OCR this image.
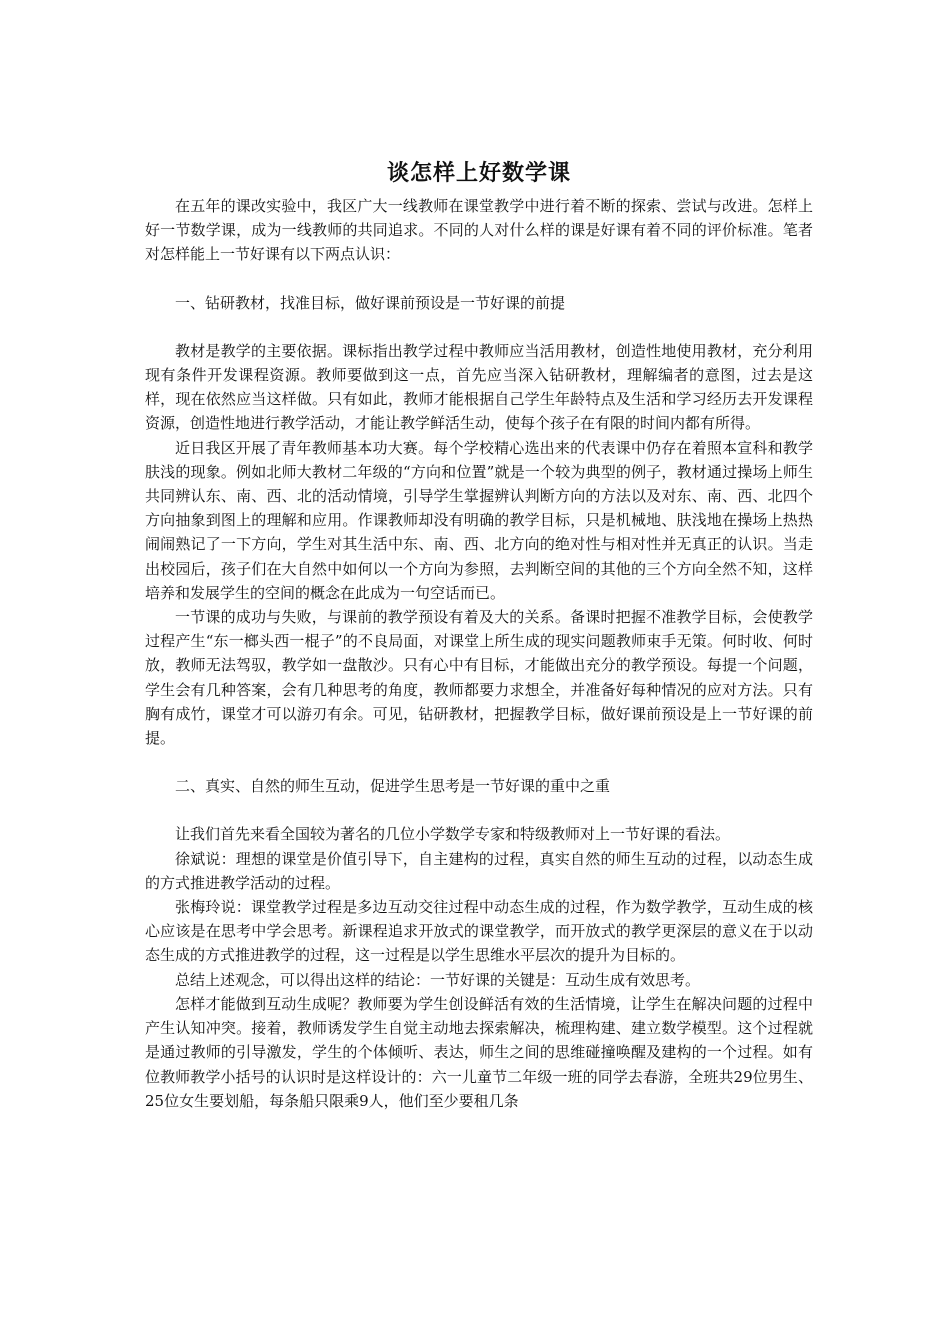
谈怎样上好数学课

在五年的课改实验中，我区广大一线教师在课堂教学中进行着不断的探索、尝试与改进。怎样上好一节数学课，成为一线教师的共同追求。不同的人对什么样的课是好课有着不同的评价标准。笔者对怎样能上一节好课有以下两点认识：

一、钻研教材，找准目标，做好课前预设是一节好课的前提

教材是教学的主要依据。课标指出教学过程中教师应当活用教材，创造性地使用教材，充分利用现有条件开发课程资源。教师要做到这一点，首先应当深入钻研教材，理解编者的意图，过去是这样，现在依然应当这样做。只有如此，教师才能根据自己学生年龄特点及生活和学习经历去开发课程资源，创造性地进行教学活动，才能让教学鲜活生动，使每个孩子在有限的时间内都有所得。

近日我区开展了青年教师基本功大赛。每个学校精心选出来的代表课中仍存在着照本宣科和教学肤浅的现象。例如北师大教材二年级的“方向和位置”就是一个较为典型的例子，教材通过操场上师生共同辨认东、南、西、北的活动情境，引导学生掌握辨认判断方向的方法以及对东、南、西、北四个方向抽象到图上的理解和应用。作课教师却没有明确的教学目标，只是机械地、肤浅地在操场上热热闹闹熟记了一下方向，学生对其生活中东、南、西、北方向的绝对性与相对性并无真正的认识。当走出校园后，孩子们在大自然中如何以一个方向为参照，去判断空间的其他的三个方向全然不知，这样培养和发展学生的空间的概念在此成为一句空话而已。

一节课的成功与失败，与课前的教学预设有着及大的关系。备课时把握不准教学目标，会使教学过程产生“东一榔头西一棍子”的不良局面，对课堂上所生成的现实问题教师束手无策。何时收、何时放，教师无法驾驭，教学如一盘散沙。只有心中有目标，才能做出充分的教学预设。每提一个问题，学生会有几种答案，会有几种思考的角度，教师都要力求想全，并准备好每种情况的应对方法。只有胸有成竹，课堂才可以游刃有余。可见，钻研教材，把握教学目标，做好课前预设是上一节好课的前提。

二、真实、自然的师生互动，促进学生思考是一节好课的重中之重

让我们首先来看全国较为著名的几位小学数学专家和特级教师对上一节好课的看法。

徐斌说：理想的课堂是价值引导下，自主建构的过程，真实自然的师生互动的过程，以动态生成的方式推进教学活动的过程。

张梅玲说：课堂教学过程是多边互动交往过程中动态生成的过程，作为数学教学，互动生成的核心应该是在思考中学会思考。新课程追求开放式的课堂教学，而开放式的教学更深层的意义在于以动态生成的方式推进教学的过程，这一过程是以学生思维水平层次的提升为目标的。

总结上述观念，可以得出这样的结论：一节好课的关键是：互动生成有效思考。

怎样才能做到互动生成呢？教师要为学生创设鲜活有效的生活情境，让学生在解决问题的过程中产生认知冲突。接着，教师诱发学生自觉主动地去探索解决，梳理构建、建立数学模型。这个过程就是通过教师的引导激发，学生的个体倾听、表达，师生之间的思维碰撞唤醒及建构的一个过程。如有位教师教学小括号的认识时是这样设计的：六一儿童节二年级一班的同学去春游，全班共29位男生、25位女生要划船，每条船只限乘9人，他们至少要租几条
